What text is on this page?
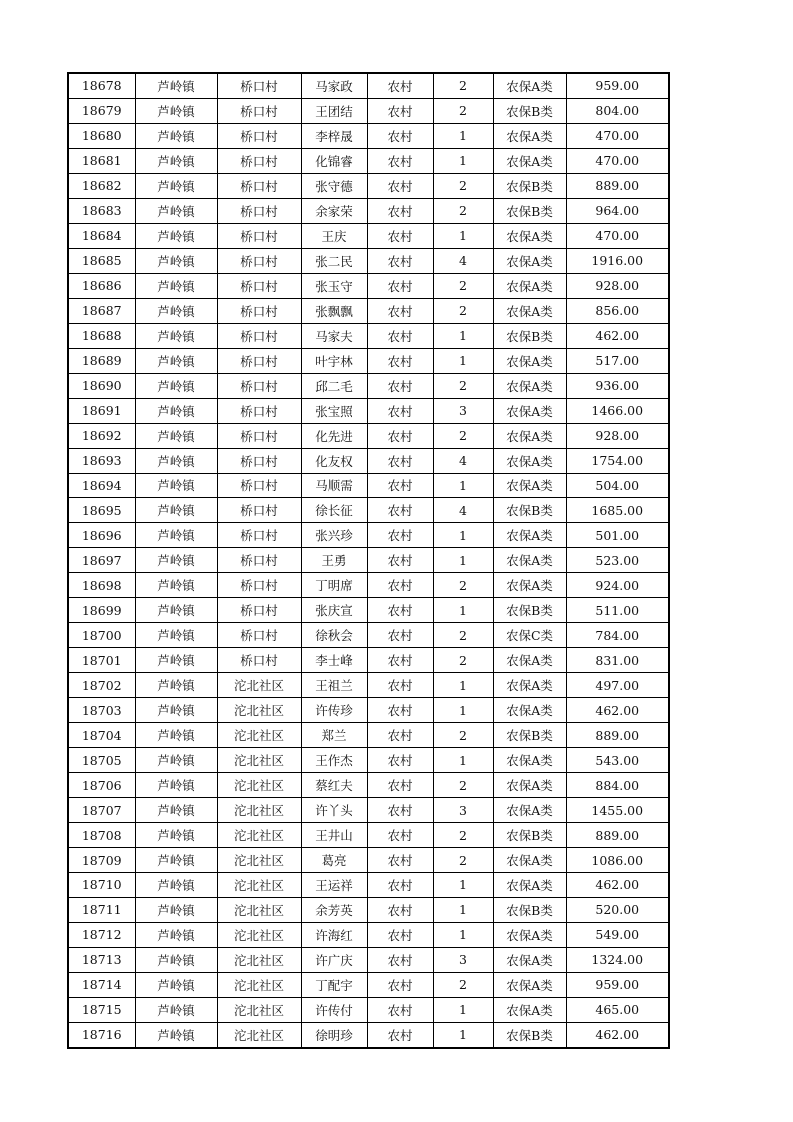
18678	芦岭镇	桥口村	马家政	农村	2	农保A类	959.00
18679	芦岭镇	桥口村	王团结	农村	2	农保B类	804.00
18680	芦岭镇	桥口村	李梓晟	农村	1	农保A类	470.00
18681	芦岭镇	桥口村	化锦睿	农村	1	农保A类	470.00
18682	芦岭镇	桥口村	张守德	农村	2	农保B类	889.00
18683	芦岭镇	桥口村	余家荣	农村	2	农保B类	964.00
18684	芦岭镇	桥口村	王庆	农村	1	农保A类	470.00
18685	芦岭镇	桥口村	张二民	农村	4	农保A类	1916.00
18686	芦岭镇	桥口村	张玉守	农村	2	农保A类	928.00
18687	芦岭镇	桥口村	张飘飘	农村	2	农保A类	856.00
18688	芦岭镇	桥口村	马家夫	农村	1	农保B类	462.00
18689	芦岭镇	桥口村	叶宇林	农村	1	农保A类	517.00
18690	芦岭镇	桥口村	邱二毛	农村	2	农保A类	936.00
18691	芦岭镇	桥口村	张宝照	农村	3	农保A类	1466.00
18692	芦岭镇	桥口村	化先进	农村	2	农保A类	928.00
18693	芦岭镇	桥口村	化友权	农村	4	农保A类	1754.00
18694	芦岭镇	桥口村	马顺需	农村	1	农保A类	504.00
18695	芦岭镇	桥口村	徐长征	农村	4	农保B类	1685.00
18696	芦岭镇	桥口村	张兴珍	农村	1	农保A类	501.00
18697	芦岭镇	桥口村	王勇	农村	1	农保A类	523.00
18698	芦岭镇	桥口村	丁明席	农村	2	农保A类	924.00
18699	芦岭镇	桥口村	张庆宣	农村	1	农保B类	511.00
18700	芦岭镇	桥口村	徐秋会	农村	2	农保C类	784.00
18701	芦岭镇	桥口村	李士峰	农村	2	农保A类	831.00
18702	芦岭镇	沱北社区	王祖兰	农村	1	农保A类	497.00
18703	芦岭镇	沱北社区	许传珍	农村	1	农保A类	462.00
18704	芦岭镇	沱北社区	郑兰	农村	2	农保B类	889.00
18705	芦岭镇	沱北社区	王作杰	农村	1	农保A类	543.00
18706	芦岭镇	沱北社区	蔡红夫	农村	2	农保A类	884.00
18707	芦岭镇	沱北社区	许丫头	农村	3	农保A类	1455.00
18708	芦岭镇	沱北社区	王井山	农村	2	农保B类	889.00
18709	芦岭镇	沱北社区	葛亮	农村	2	农保A类	1086.00
18710	芦岭镇	沱北社区	王运祥	农村	1	农保A类	462.00
18711	芦岭镇	沱北社区	余芳英	农村	1	农保B类	520.00
18712	芦岭镇	沱北社区	许海红	农村	1	农保A类	549.00
18713	芦岭镇	沱北社区	许广庆	农村	3	农保A类	1324.00
18714	芦岭镇	沱北社区	丁配宇	农村	2	农保A类	959.00
18715	芦岭镇	沱北社区	许传付	农村	1	农保A类	465.00
18716	芦岭镇	沱北社区	徐明珍	农村	1	农保B类	462.00
